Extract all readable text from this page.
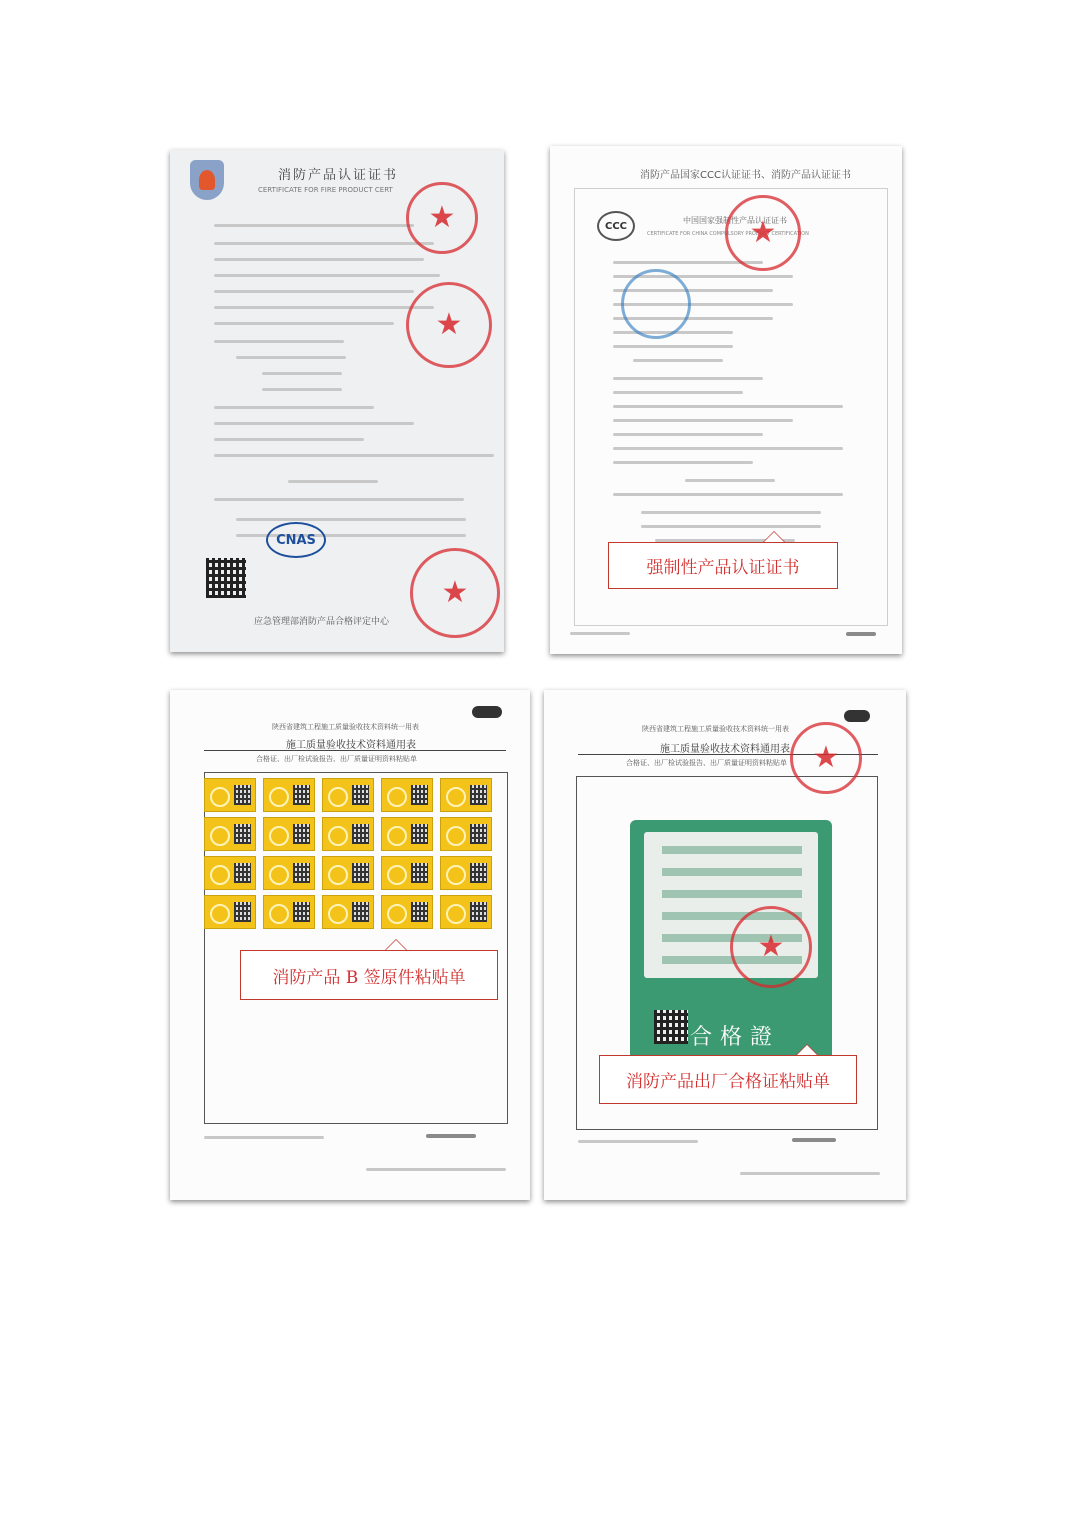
消防产品认证证书
CERTIFICATE FOR FIRE PRODUCT CERT
★
★
★
CNAS
应急管理部消防产品合格评定中心
消防产品国家CCC认证证书、消防产品认证证书
CCC	中国国家强制性产品认证证书
CERTIFICATE FOR CHINA COMPULSORY PRODUCT CERTIFICATION
★
陕西省建筑工程施工质量验收技术资料统一用表
施工质量验收技术资料通用表
合格证、出厂检试验报告、出厂质量证明资料粘贴单
陕西省建筑工程施工质量验收技术资料统一用表
施工质量验收技术资料通用表
合格证、出厂检试验报告、出厂质量证明资料粘贴单 ★
合格證
★
强制性产品认证证书
消防产品 B 签原件粘贴单
消防产品出厂合格证粘贴单
